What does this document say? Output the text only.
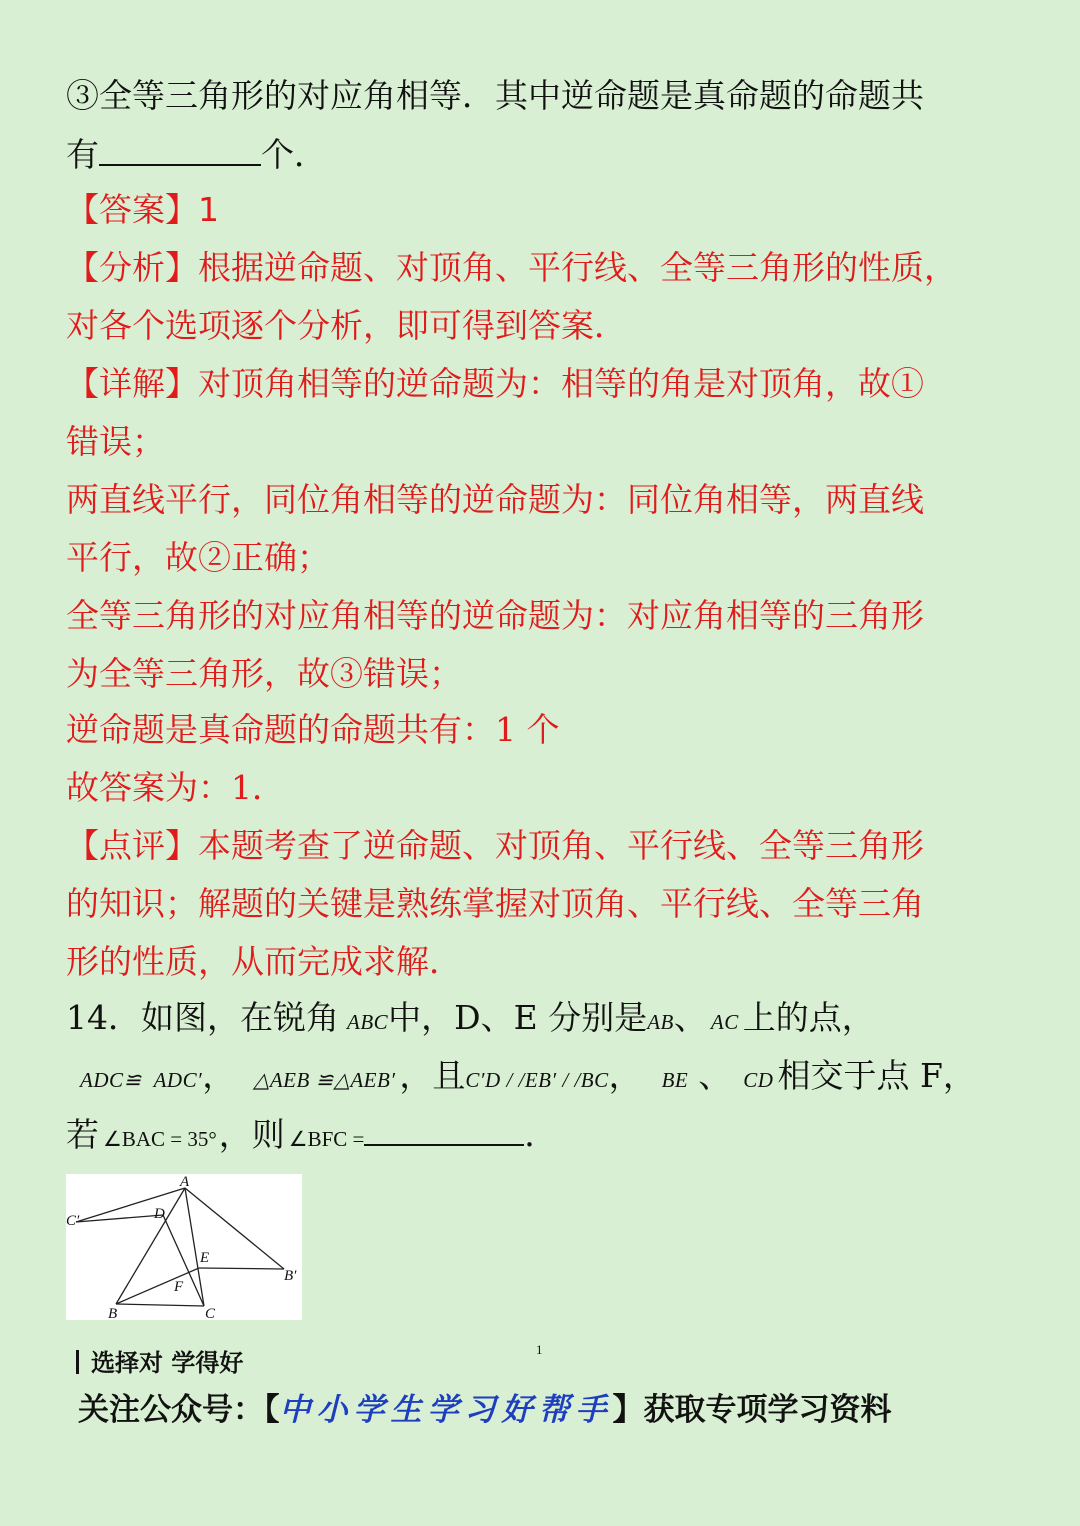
③全等三角形的对应角相等．其中逆命题是真命题的命题共
有	个．
【答案】1
【分析】根据逆命题、对顶角、平行线、全等三角形的性质，
对各个选项逐个分析，即可得到答案．
【详解】对顶角相等的逆命题为：相等的角是对顶角，故①
错误；
两直线平行，同位角相等的逆命题为：同位角相等，两直线
平行，故②正确；
全等三角形的对应角相等的逆命题为：对应角相等的三角形
为全等三角形，故③错误；
逆命题是真命题的命题共有：1 个
故答案为：1．
【点评】本题考查了逆命题、对顶角、平行线、全等三角形
的知识；解题的关键是熟练掌握对顶角、平行线、全等三角
形的性质，从而完成求解．
14．如图，在锐角 ABC中，D、E 分别是AB、 AC 上的点，
ADC≌ ADC′， △AEB ≌△AEB′ ，且C′D / /EB′ / /BC， BE 、 CD 相交于点 F，
若 ∠BAC = 35°，则 ∠BFC =	．
A
C′	D
E
B′
F
B	C
选择对 学得好	1
关注公众号：【中小学生学习好帮手】获取专项学习资料
